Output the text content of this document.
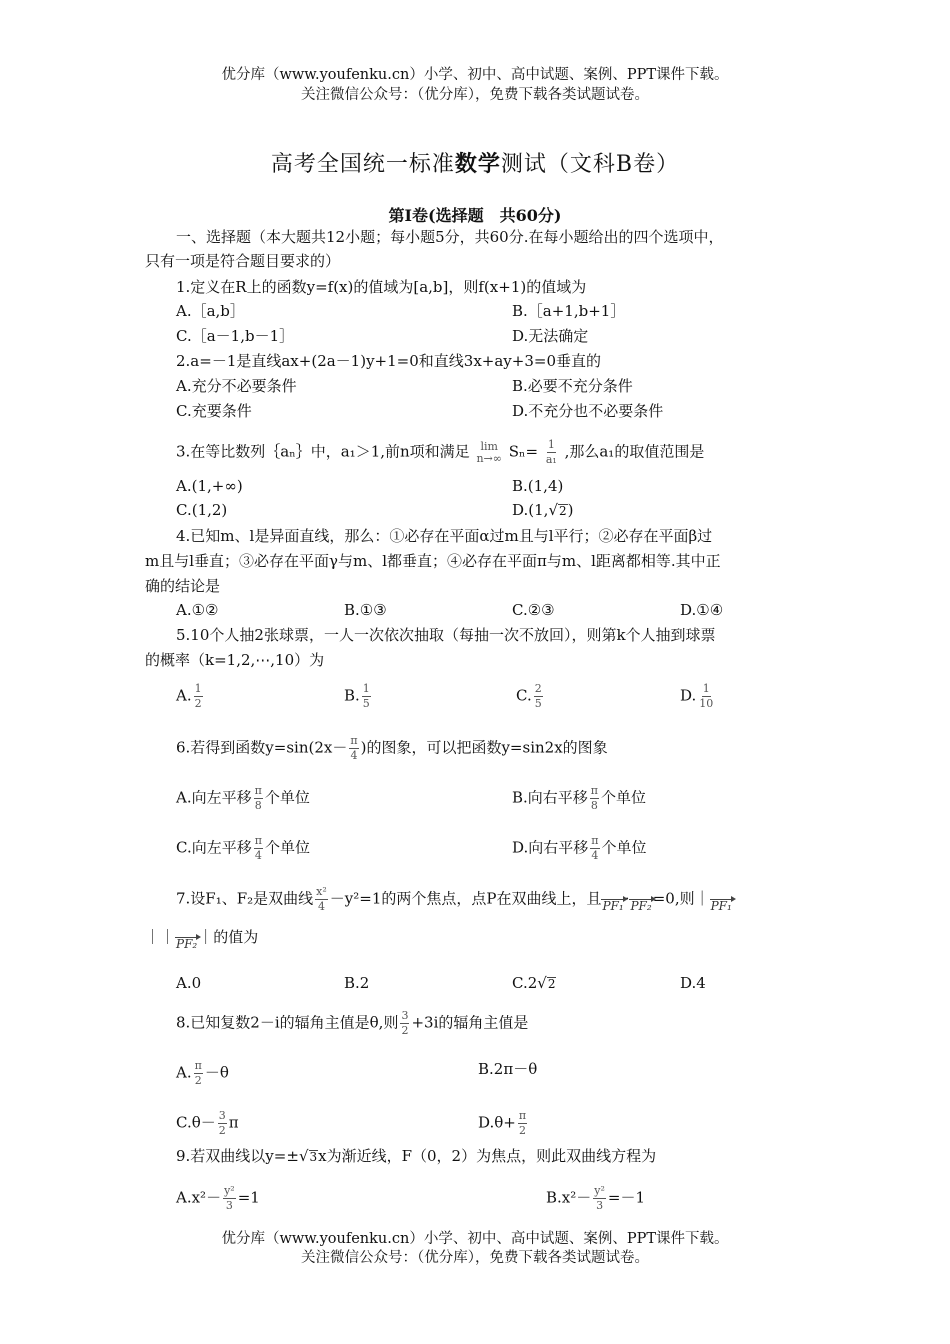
优分库（www.youfenku.cn）小学、初中、高中试题、案例、PPT课件下载。
关注微信公众号：（优分库），免费下载各类试题试卷。
高考全国统一标准数学测试（文科B卷）
第Ⅰ卷(选择题　共60分)
一、选择题（本大题共12小题；每小题5分，共60分.在每小题给出的四个选项中，
只有一项是符合题目要求的）
1.定义在R上的函数y=f(x)的值域为[a,b]，则f(x+1)的值域为
A.［a,b］	B.［a+1,b+1］
C.［a－1,b－1］	D.无法确定
2.a=－1是直线ax+(2a－1)y+1=0和直线3x+ay+3=0垂直的
A.充分不必要条件	B.必要不充分条件
C.充要条件	D.不充分也不必要条件
3.在等比数列｛aₙ｝中，a₁＞1,前n项和满足 lim
n→∞ $S_n= \frac{1}{\text{a₁}}$ ,那么a₁的取值范围是
A.(1,+∞)	B.(1,4)
C.(1,2)	D.(1,√2)
4.已知m、l是异面直线，那么：①必存在平面α过m且与l平行；②必存在平面β过
m且与l垂直；③必存在平面γ与m、l都垂直；④必存在平面π与m、l距离都相等.其中正
确的结论是
A.①②	B.①③	C.②③	D.①④
5.10个人抽2张球票，一人一次依次抽取（每抽一次不放回），则第k个人抽到球票
的概率（k=1,2,⋯,10）为
A. $\frac{1}{2}$	B. $\frac{1}{5}$	C. $\frac{2}{5}$	D. $\frac{1}{10}$
6.若得到函数$y=\sin(2x- \frac{\pi}{4}$ )的图象，可以把函数y=sin2x的图象
A.向左平移 $\frac{\pi}{8}$ 个单位	B.向右平移 $\frac{\pi}{8}$ 个单位
C.向左平移 $\frac{\pi}{4}$ 个单位	D.向右平移 $\frac{\pi}{4}$ 个单位
7.设F₁、F₂是双曲线 $\frac{\text{x²}}{4} -y^2=1$的两个焦点，点P在双曲线上，且PF₁·PF₂=0,则｜PF₁
｜｜PF₂｜的值为
A.0	B.2	C.2√2	D.4
8.已知复数2－i的辐角主值是θ,则 $\frac{3}{2} +3i$的辐角主值是
A. $\frac{\pi}{2} -\theta$	B.2π－θ
$C.\theta- \frac{3}{2}$ π	$D.\theta+ \frac{\pi}{2}$
9.若双曲线以y=±√3x为渐近线，F（0，2）为焦点，则此双曲线方程为
$A.x^2- \frac{\text{y²}}{3} =1$	$B.x^2- \frac{\text{y²}}{3} =-1$
优分库（www.youfenku.cn）小学、初中、高中试题、案例、PPT课件下载。
关注微信公众号：（优分库），免费下载各类试题试卷。
